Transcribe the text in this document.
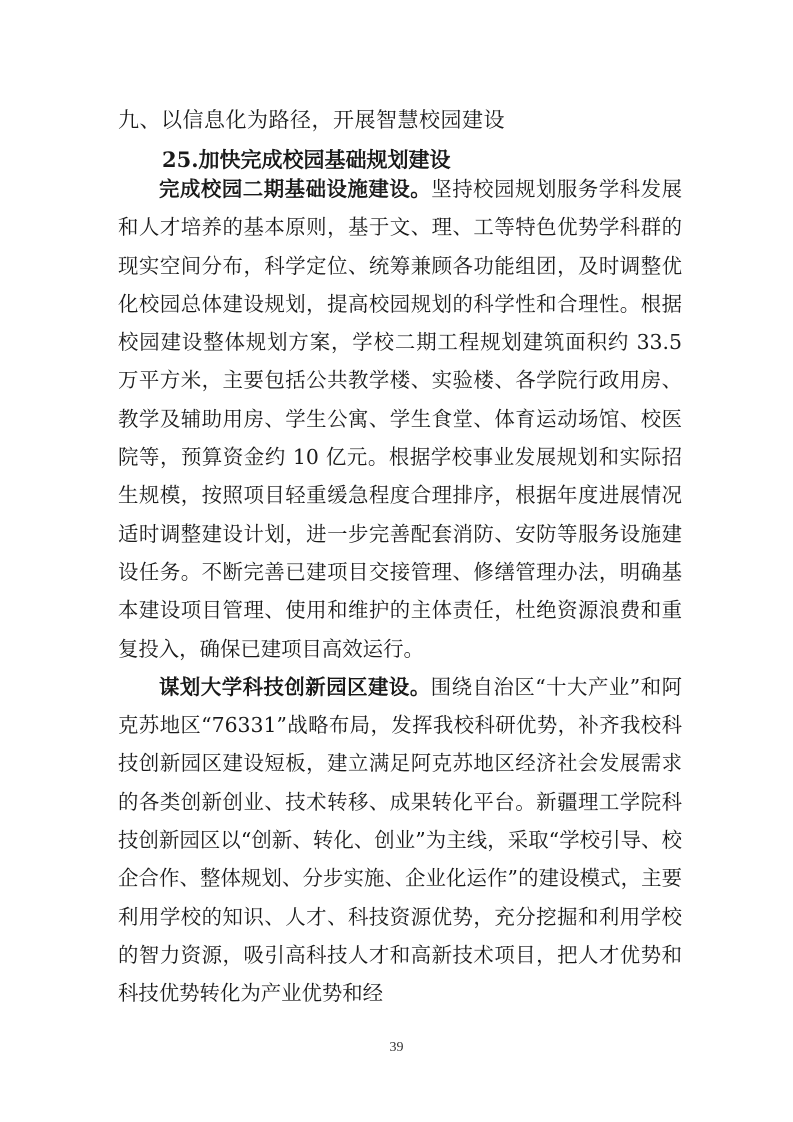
九、以信息化为路径，开展智慧校园建设
25.加快完成校园基础规划建设

完成校园二期基础设施建设。坚持校园规划服务学科发展和人才培养的基本原则，基于文、理、工等特色优势学科群的现实空间分布，科学定位、统筹兼顾各功能组团，及时调整优化校园总体建设规划，提高校园规划的科学性和合理性。根据校园建设整体规划方案，学校二期工程规划建筑面积约 33.5 万平方米，主要包括公共教学楼、实验楼、各学院行政用房、教学及辅助用房、学生公寓、学生食堂、体育运动场馆、校医院等，预算资金约 10 亿元。根据学校事业发展规划和实际招生规模，按照项目轻重缓急程度合理排序，根据年度进展情况适时调整建设计划，进一步完善配套消防、安防等服务设施建设任务。不断完善已建项目交接管理、修缮管理办法，明确基本建设项目管理、使用和维护的主体责任，杜绝资源浪费和重复投入，确保已建项目高效运行。

谋划大学科技创新园区建设。围绕自治区“十大产业”和阿克苏地区“76331”战略布局，发挥我校科研优势，补齐我校科技创新园区建设短板，建立满足阿克苏地区经济社会发展需求的各类创新创业、技术转移、成果转化平台。新疆理工学院科技创新园区以“创新、转化、创业”为主线，采取“学校引导、校企合作、整体规划、分步实施、企业化运作”的建设模式，主要利用学校的知识、人才、科技资源优势，充分挖掘和利用学校的智力资源，吸引高科技人才和高新技术项目，把人才优势和科技优势转化为产业优势和经

39
